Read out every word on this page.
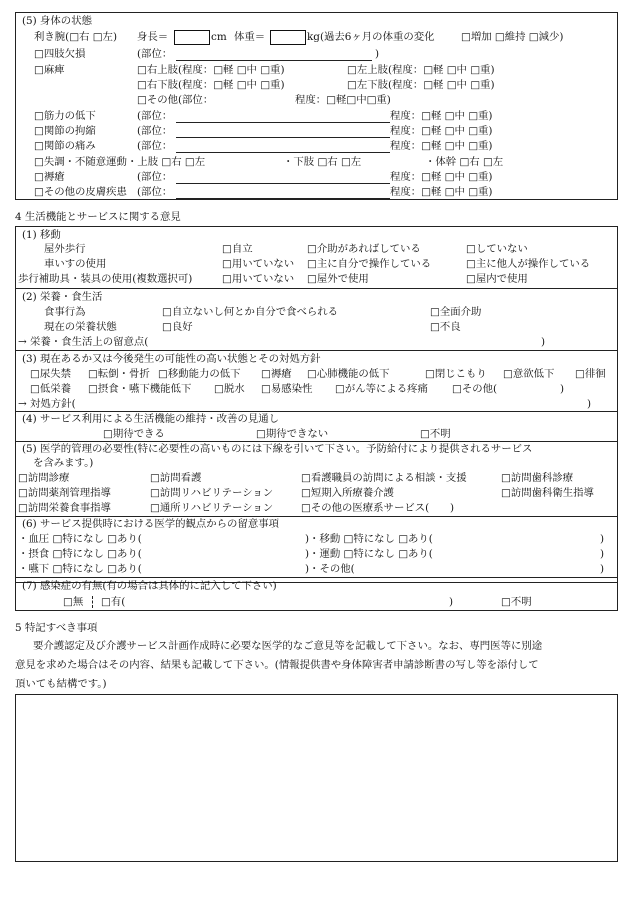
(5) 身体の状態
利き腕(□右 □左) 身長＝	cm 体重＝	kg(過去6ヶ月の体重の変化	□増加 □維持 □減少)
□四肢欠損	(部位：	)
□麻痺	□右上肢(程度：□軽 □中 □重)	□左上肢(程度：□軽 □中 □重)
□右下肢(程度：□軽 □中 □重)	□左下肢(程度：□軽 □中 □重)
□その他(部位：	程度：□軽□中□重)
□筋力の低下	(部位：	程度：□軽 □中 □重)
□関節の拘縮	(部位：	程度：□軽 □中 □重)
□関節の痛み	(部位：	程度：□軽 □中 □重)
□失調・不随意運動・上肢 □右 □左	・下肢 □右 □左	・体幹 □右 □左
□褥瘡	(部位：	程度：□軽 □中 □重)
□その他の皮膚疾患 (部位：	程度：□軽 □中 □重)
4 生活機能とサービスに関する意見
(1) 移動
屋外歩行	□自立	□介助があればしている	□していない
車いすの使用	□用いていない □主に自分で操作している	□主に他人が操作している
歩行補助具・装具の使用(複数選択可)	□用いていない □屋外で使用	□屋内で使用
(2) 栄養・食生活
食事行為	□自立ないし何とか自分で食べられる	□全面介助
現在の栄養状態	□良好	□不良
→ 栄養・食生活上の留意点(	)
(3) 現在あるか又は今後発生の可能性の高い状態とその対処方針
□尿失禁 □転倒・骨折 □移動能力の低下 □褥瘡 □心肺機能の低下	□閉じこもり □意欲低下 □徘徊
□低栄養 □摂食・嚥下機能低下 □脱水 □易感染性 □がん等による疼痛 □その他(	)
→ 対処方針(	)
(4) サービス利用による生活機能の維持・改善の見通し
□期待できる	□期待できない	□不明
(5) 医学的管理の必要性(特に必要性の高いものには下線を引いて下さい。予防給付により提供されるサービス
を含みます。)
□訪問診療	□訪問看護	□看護職員の訪問による相談・支援	□訪問歯科診療
□訪問薬剤管理指導	□訪問リハビリテーション	□短期入所療養介護	□訪問歯科衛生指導
□訪問栄養食事指導	□通所リハビリテーション	□その他の医療系サービス( )
(6) サービス提供時における医学的観点からの留意事項
・血圧 □特になし □あり(	)・移動 □特になし □あり(	)
・摂食 □特になし □あり(	)・運動 □特になし □あり(	)
・嚥下 □特になし □あり(	)・その他(	)
(7) 感染症の有無(有の場合は具体的に記入して下さい)
□無 □有(	)	□不明
5 特記すべき事項
要介護認定及び介護サービス計画作成時に必要な医学的なご意見等を記載して下さい。なお、専門医等に別途
意見を求めた場合はその内容、結果も記載して下さい。(情報提供書や身体障害者申請診断書の写し等を添付して
頂いても結構です。)
